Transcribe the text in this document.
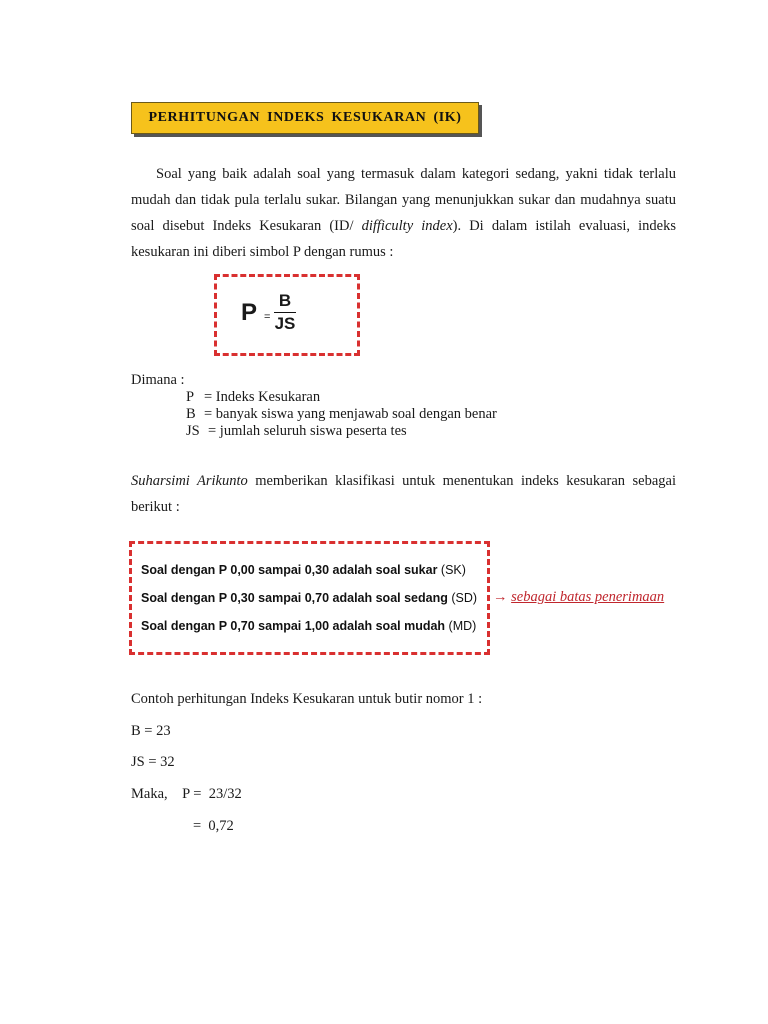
PERHITUNGAN INDEKS KESUKARAN (IK)

Soal yang baik adalah soal yang termasuk dalam kategori sedang, yakni tidak terlalu mudah dan tidak pula terlalu sukar. Bilangan yang menunjukkan sukar dan mudahnya suatu soal disebut Indeks Kesukaran (ID/ difficulty index). Di dalam istilah evaluasi, indeks kesukaran ini diberi simbol P dengan rumus :

P =
B
JS
Dimana :
P = Indeks Kesukaran
B = banyak siswa yang menjawab soal dengan benar
JS = jumlah seluruh siswa peserta tes

Suharsimi Arikunto memberikan klasifikasi untuk menentukan indeks kesukaran sebagai berikut :

Soal dengan P 0,00 sampai 0,30 adalah soal sukar (SK)
Soal dengan P 0,30 sampai 0,70 adalah soal sedang (SD)
Soal dengan P 0,70 sampai 1,00 adalah soal mudah (MD)
→ sebagai batas penerimaan
Contoh perhitungan Indeks Kesukaran untuk butir nomor 1 :
B = 23
JS = 32
Maka,    P =  23/32
=  0,72
